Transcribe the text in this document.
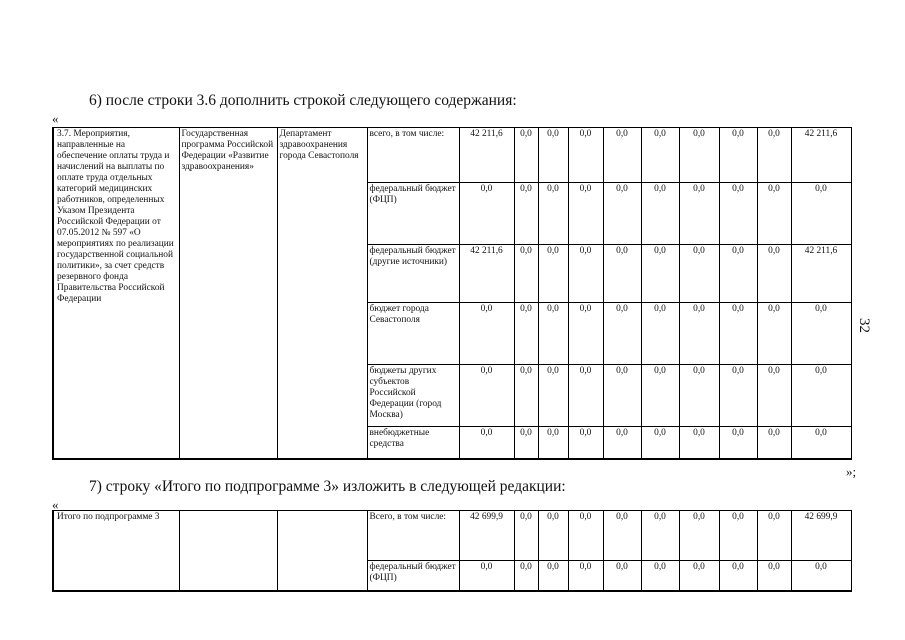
6) после строки 3.6 дополнить строкой следующего содержания:
«
3.7. Мероприятия, направленные на обеспечение оплаты труда и начислений на выплаты по оплате труда отдельных категорий медицинских работников, определенных Указом Президента Российской Федерации от 07.05.2012 № 597 «О мероприятиях по реализации государственной социальной политики», за счет средств резервного фонда Правительства Российской Федерации	Государственная программа Российской Федерации «Развитие здравоохранения»	Департамент здравоохранения города Севастополя	всего, в том числе:	42 211,6	0,0	0,0	0,0	0,0	0,0	0,0	0,0	0,0	42 211,6
			федеральный бюджет (ФЦП)	0,0	0,0	0,0	0,0	0,0	0,0	0,0	0,0	0,0	0,0
			федеральный бюджет (другие источники)	42 211,6	0,0	0,0	0,0	0,0	0,0	0,0	0,0	0,0	42 211,6
			бюджет города Севастополя	0,0	0,0	0,0	0,0	0,0	0,0	0,0	0,0	0,0	0,0
			бюджеты других субъектов Российской Федерации (город Москва)	0,0	0,0	0,0	0,0	0,0	0,0	0,0	0,0	0,0	0,0
			внебюджетные средства	0,0	0,0	0,0	0,0	0,0	0,0	0,0	0,0	0,0	0,0
»;
7) строку «Итого по подпрограмме 3» изложить в следующей редакции:
«
Итого по подпрограмме 3			Всего, в том числе:	42 699,9	0,0	0,0	0,0	0,0	0,0	0,0	0,0	0,0	42 699,9
			федеральный бюджет (ФЦП)	0,0	0,0	0,0	0,0	0,0	0,0	0,0	0,0	0,0	0,0
32
